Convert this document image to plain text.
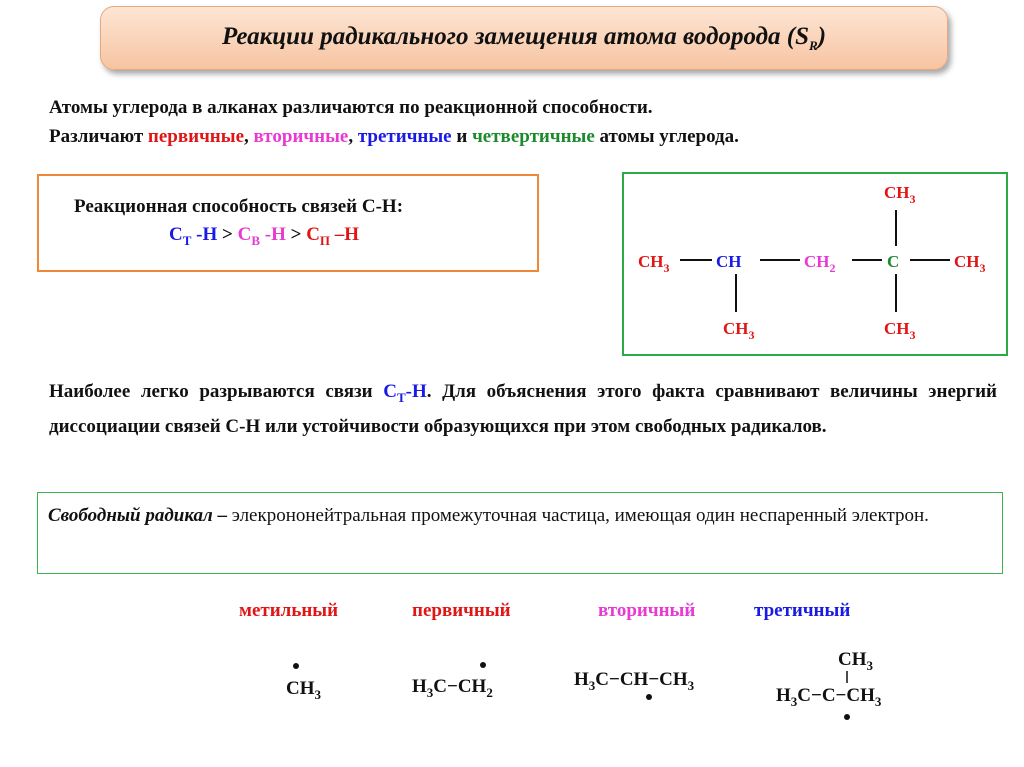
Реакции радикального замещения атома водорода $(S_R)$
Атомы углерода в алканах различаются по реакционной способности.
Различают первичные, вторичные, третичные и четвертичные атомы углерода.
Реакционная способность связей С-Н:
$С_Т$ $-Н > С_В$ $-Н > С_П$ –Н
$CH_3$	CH	$CH_2$	C	$CH_3$
$CH_3$
$CH_3$
$CH_3$
Наиболее легко разрываются связи $С_Т-Н$. Для объяснения этого факта сравнивают величины энергий диссоциации связей С-Н или устойчивости образующихся при этом свободных радикалов.
Свободный радикал – элекрононейтральная промежуточная частица, имеющая один неспаренный электрон.
метильный	первичный	вторичный	третичный
$CH_3$	$H_3C-CH_2$
$H_3C-CH-CH_3$
$CH_3$
$H_3C-C-CH_3$
